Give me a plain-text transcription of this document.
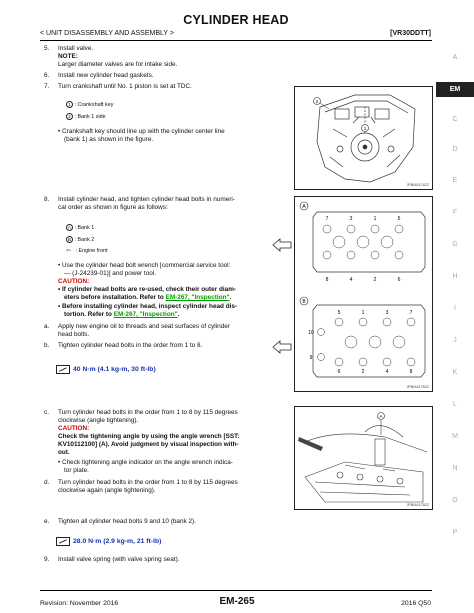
CYLINDER HEAD
< UNIT DISASSEMBLY AND ASSEMBLY >	[VR30DDTT]
A
EM
C
D
E
F
G
H
I
J
K
L
M
N
O
P
5. Install valve.
NOTE:
Larger diameter valves are for intake side.
6. Install new cylinder head gaskets.
7. Turn crankshaft until No. 1 piston is set at TDC.
1 : Crankshaft key
2 : Bank 1 side
• Crankshaft key should line up with the cylinder center line
(bank 1) as shown in the figure.
1
2
JPBIA0174ZZ
8. Install cylinder head, and tighten cylinder head bolts in numeri-
cal order as shown in figure as follows:
A : Bank 1
B : Bank 2
⇦ : Engine front
• Use the cylinder head bolt wrench [commercial service tool:
— (J-24239-01)] and power tool.
CAUTION:
• If cylinder head bolts are re-used, check their outer diam-
eters before installation. Refer to EM-267, "Inspection".
• Before installing cylinder head, inspect cylinder head dis-
tortion. Refer to EM-267, "Inspection".
a. Apply new engine oil to threads and seat surfaces of cylinder
head bolts.
b. Tighten cylinder head bolts in the order from 1 to 8.
40 N·m (4.1 kg-m, 30 ft-lb)
A
7	3	1	5
8	4	2	6
B
10
9
5	1	3	7
6	2	4	8
JPBIA0176ZZ
c. Turn cylinder head bolts in the order from 1 to 8 by 115 degrees
clockwise (angle tightening).
CAUTION:
Check the tightening angle by using the angle wrench [SST:
KV10112100] (A). Avoid judgment by visual inspection with-
out.
• Check tightening angle indicator on the angle wrench indica-
tor plate.
d. Turn cylinder head bolts in the order from 1 to 8 by 115 degrees
clockwise again (angle tightening).
A
JPBIA0175ZZ
e. Tighten all cylinder head bolts 9 and 10 (bank 2).
28.0 N·m (2.9 kg-m, 21 ft-lb)
9. Install valve spring (with valve spring seat).
Revision: November 2016	EM-265	2016 Q50
